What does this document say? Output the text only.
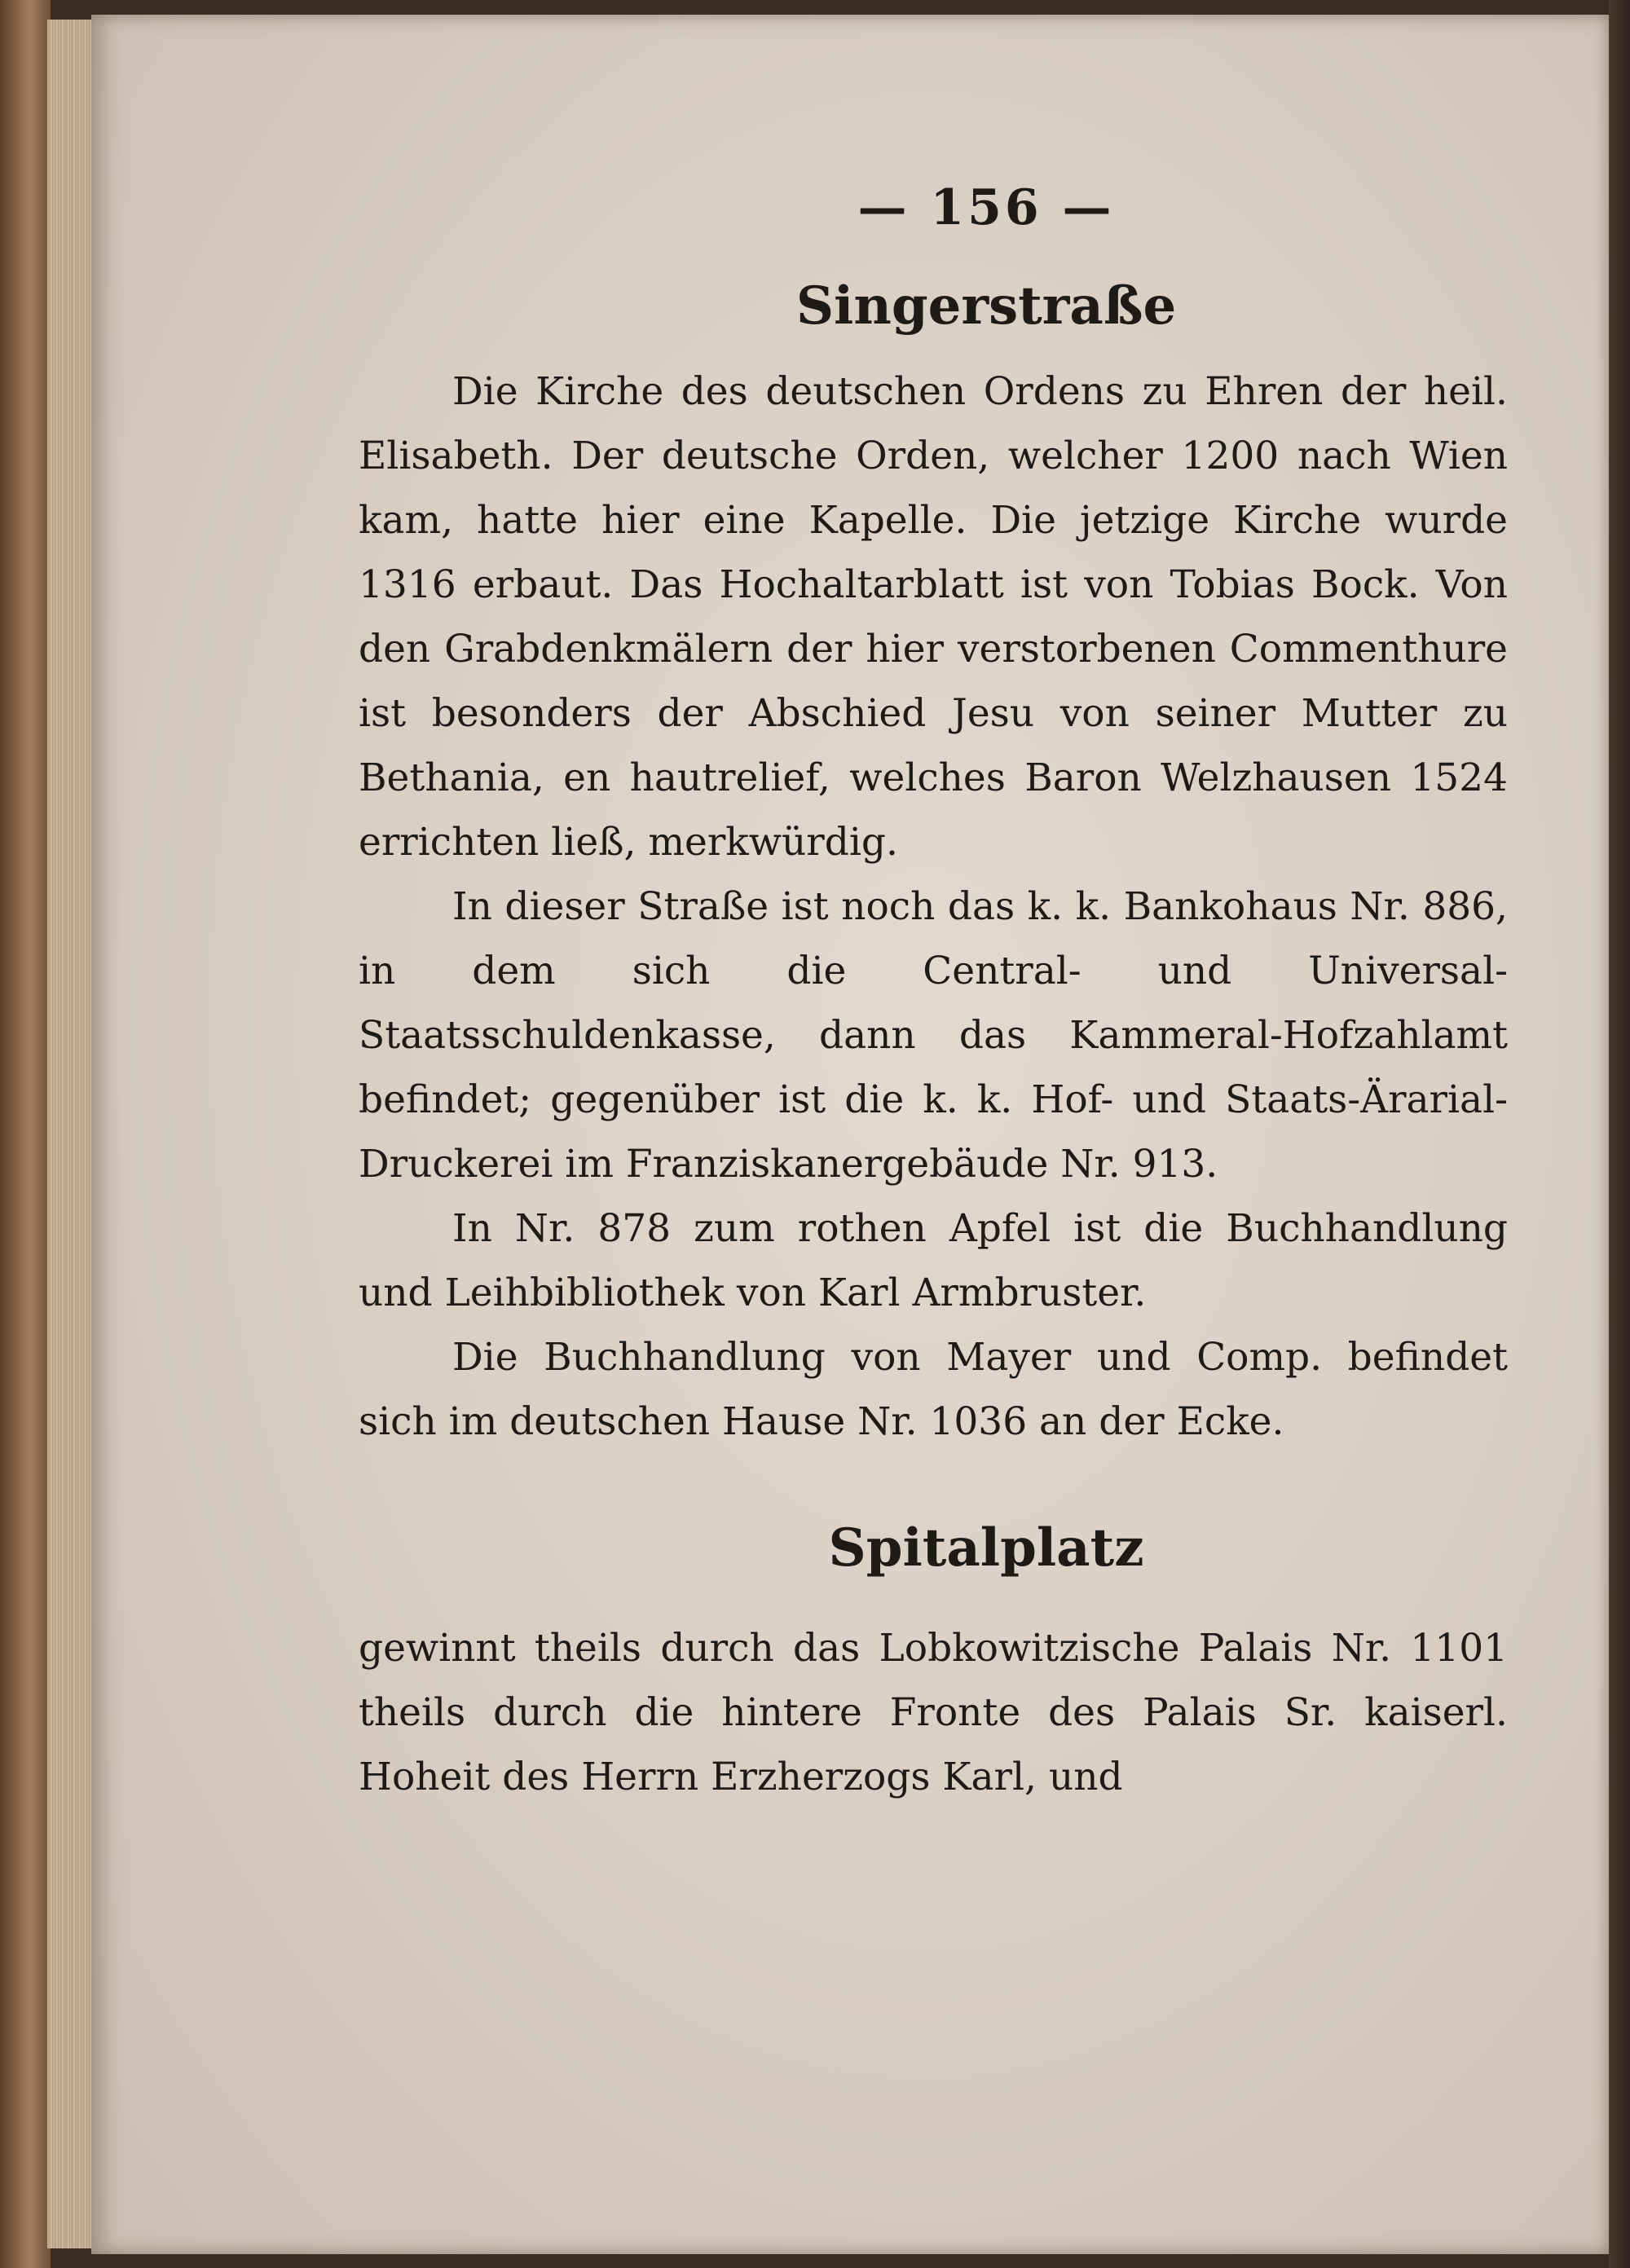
— 156 —
Singerstraße

Die Kirche des deutschen Ordens zu Ehren der heil. Elisabeth. Der deutsche Orden, welcher 1200 nach Wien kam, hatte hier eine Kapelle. Die jetzige Kirche wurde 1316 erbaut. Das Hochaltarblatt ist von Tobias Bock. Von den Grabdenkmälern der hier verstorbenen Commenthure ist besonders der Abschied Jesu von seiner Mutter zu Bethania, en hautrelief, welches Baron Welzhausen 1524 errichten ließ, merkwürdig.

In dieser Straße ist noch das k. k. Bankohaus Nr. 886, in dem sich die Central- und Universal-Staatsschuldenkasse, dann das Kammeral-Hofzahlamt befindet; gegenüber ist die k. k. Hof- und Staats-Ärarial-Druckerei im Franziskanergebäude Nr. 913.

In Nr. 878 zum rothen Apfel ist die Buchhandlung und Leihbibliothek von Karl Armbruster.

Die Buchhandlung von Mayer und Comp. befindet sich im deutschen Hause Nr. 1036 an der Ecke.

Spitalplatz

gewinnt theils durch das Lobkowitzische Palais Nr. 1101 theils durch die hintere Fronte des Palais Sr. kaiserl. Hoheit des Herrn Erzherzogs Karl, und
